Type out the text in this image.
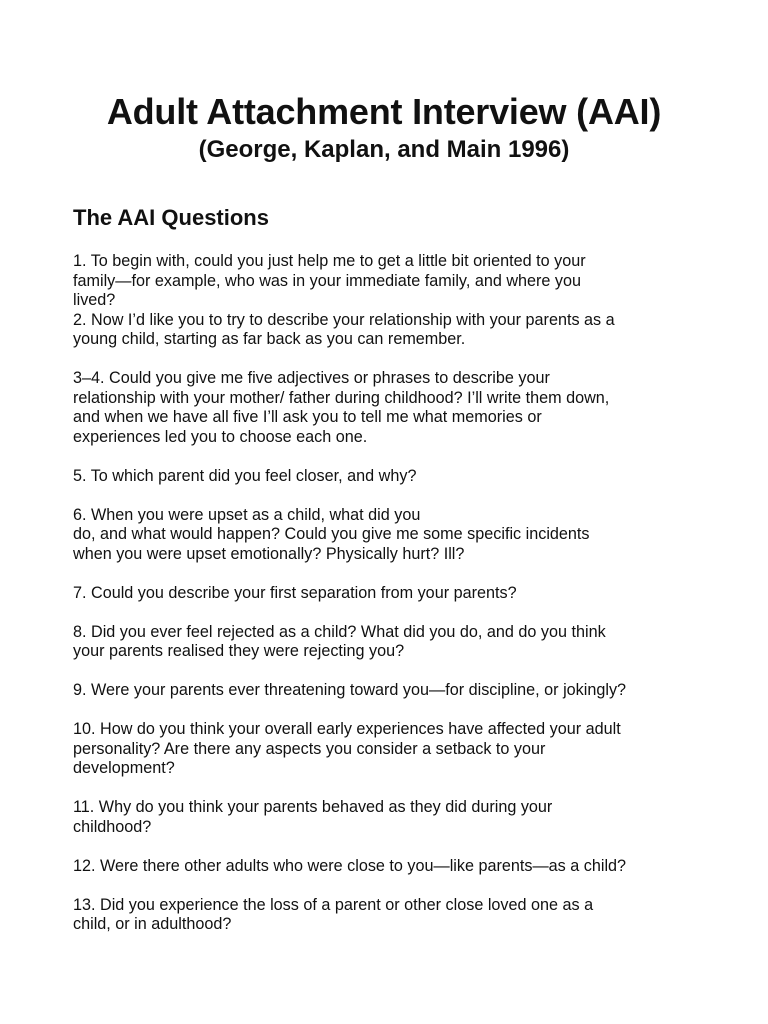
Adult Attachment Interview (AAI)
(George, Kaplan, and Main 1996)
The AAI Questions

1. To begin with, could you just help me to get a little bit oriented to your
family—for example, who was in your immediate family, and where you
lived?

2. Now I’d like you to try to describe your relationship with your parents as a
young child, starting as far back as you can remember.

3–4. Could you give me five adjectives or phrases to describe your
relationship with your mother/ father during childhood? I’ll write them down,
and when we have all five I’ll ask you to tell me what memories or
experiences led you to choose each one.

5. To which parent did you feel closer, and why?

6. When you were upset as a child, what did you
do, and what would happen? Could you give me some specific incidents
when you were upset emotionally? Physically hurt? Ill?

7. Could you describe your first separation from your parents?

8. Did you ever feel rejected as a child? What did you do, and do you think
your parents realised they were rejecting you?

9. Were your parents ever threatening toward you—for discipline, or jokingly?

10. How do you think your overall early experiences have affected your adult
personality? Are there any aspects you consider a setback to your
development?

11. Why do you think your parents behaved as they did during your
childhood?

12. Were there other adults who were close to you—like parents—as a child?

13. Did you experience the loss of a parent or other close loved one as a
child, or in adulthood?
